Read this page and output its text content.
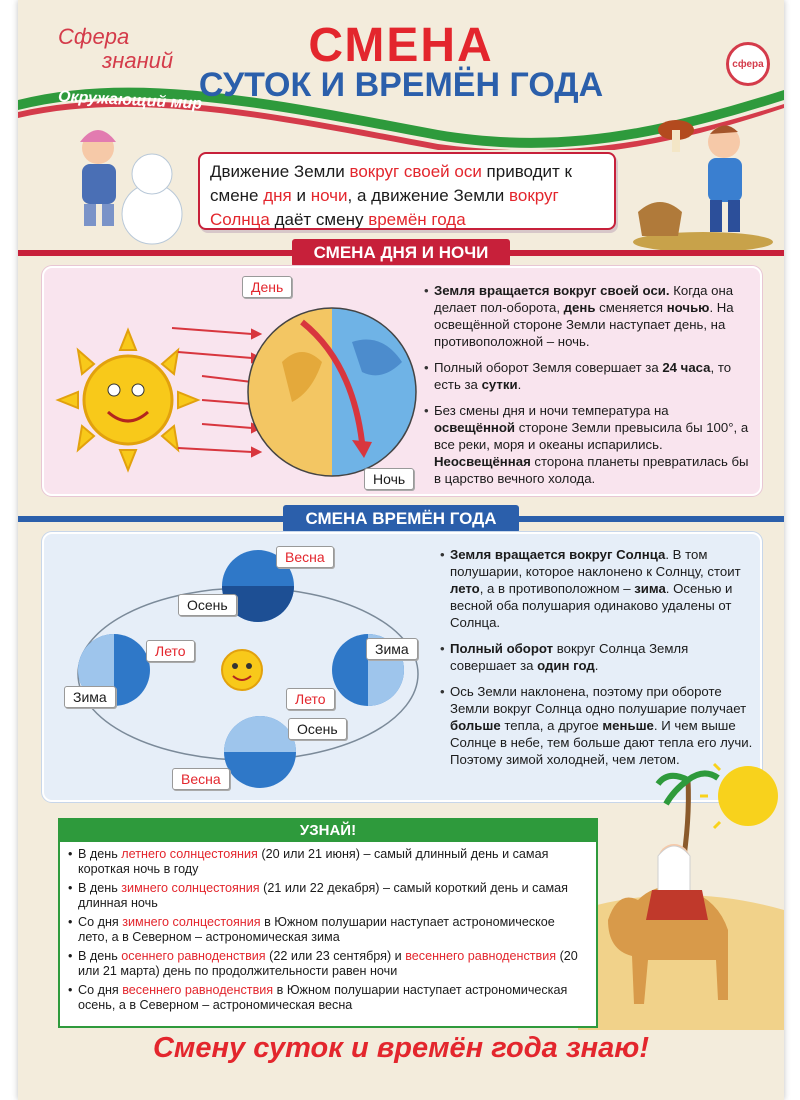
Сфера
знаний	СМЕНА
СУТОК И ВРЕМЁН ГОДА
сфера
Окружающий мир
Движение Земли вокруг своей оси приводит к смене дня и ночи, а движение Земли вокруг Солнца даёт смену времён года
СМЕНА ДНЯ И НОЧИ
День
Ночь
• Земля вращается вокруг своей оси. Когда она делает пол-оборота, день сменяется ночью. На освещённой стороне Земли наступает день, на противоположной – ночь.
• Полный оборот Земля совершает за 24 часа, то есть за сутки.
• Без смены дня и ночи температура на освещённой стороне Земли превысила бы 100°, а все реки, моря и океаны испарились. Неосвещённая сторона планеты превратилась бы в царство вечного холода.
СМЕНА ВРЕМЁН ГОДА
Весна
Осень
Лето
Зима
Зима
Лето
Осень
Весна
• Земля вращается вокруг Солнца. В том полушарии, которое наклонено к Солнцу, стоит лето, а в противоположном – зима. Осенью и весной оба полушария одинаково удалены от Солнца.
• Полный оборот вокруг Солнца Земля совершает за один год.
• Ось Земли наклонена, поэтому при обороте Земли вокруг Солнца одно полушарие получает больше тепла, а другое меньше. И чем выше Солнце в небе, тем больше дают тепла его лучи. Поэтому зимой холодней, чем летом.
УЗНАЙ!
• В день летнего солнцестояния (20 или 21 июня) – самый длинный день и самая короткая ночь в году
• В день зимнего солнцестояния (21 или 22 декабря) – самый короткий день и самая длинная ночь
• Со дня зимнего солнцестояния в Южном полушарии наступает астрономическое лето, а в Северном – астрономическая зима
• В день осеннего равноденствия (22 или 23 сентября) и весеннего равноденствия (20 или 21 марта) день по продолжительности равен ночи
• Со дня весеннего равноденствия в Южном полушарии наступает астрономическая осень, а в Северном – астрономическая весна
Смену суток и времён года знаю!
